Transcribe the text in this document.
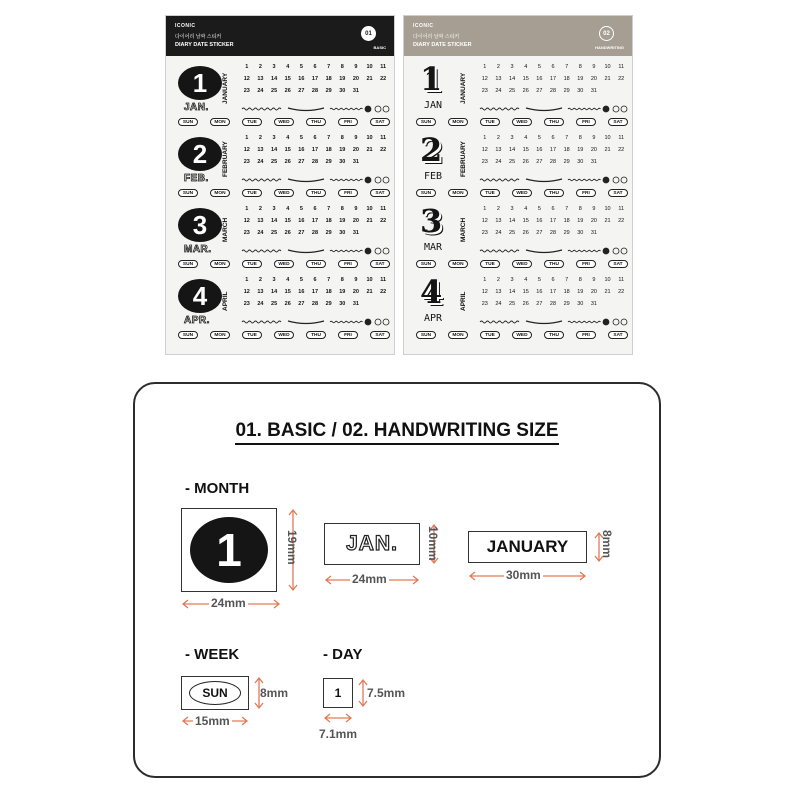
ICONIC
다이어리 날짜 스티커
DIARY DATE STICKER
01
BASIC
1
JAN.
JANUARY
1	2	3	4	5	6	7	8	9	10	11
12	13	14	15	16	17	18	19	20	21	22
23	24	25	26	27	28	29	30	31
SUN	MON	TUE	WED	THU	FRI	SAT
2
FEB.
FEBRUARY
1	2	3	4	5	6	7	8	9	10	11
12	13	14	15	16	17	18	19	20	21	22
23	24	25	26	27	28	29	30	31
SUN	MON	TUE	WED	THU	FRI	SAT
3
MAR.
MARCH
1	2	3	4	5	6	7	8	9	10	11
12	13	14	15	16	17	18	19	20	21	22
23	24	25	26	27	28	29	30	31
SUN	MON	TUE	WED	THU	FRI	SAT
4
APR.
APRIL
1	2	3	4	5	6	7	8	9	10	11
12	13	14	15	16	17	18	19	20	21	22
23	24	25	26	27	28	29	30	31
SUN	MON	TUE	WED	THU	FRI	SAT
ICONIC
다이어리 날짜 스티커
DIARY DATE STICKER
02
HANDWRITING
1
JAN
JANUARY
1	2	3	4	5	6	7	8	9	10	11
12	13	14	15	16	17	18	19	20	21	22
23	24	25	26	27	28	29	30	31
SUN	MON	TUE	WED	THU	FRI	SAT
2
FEB	FEBRUARY
1	2	3	4	5	6	7	8	9	10	11
12	13	14	15	16	17	18	19	20	21	22
23	24	25	26	27	28	29	30	31
SUN	MON	TUE	WED	THU	FRI	SAT
3
MAR
MARCH
1	2	3	4	5	6	7	8	9	10	11
12	13	14	15	16	17	18	19	20	21	22
23	24	25	26	27	28	29	30	31
SUN	MON	TUE	WED	THU	FRI	SAT
4
APR
APRIL
1	2	3	4	5	6	7	8	9	10	11
12	13	14	15	16	17	18	19	20	21	22
23	24	25	26	27	28	29	30	31
SUN	MON	TUE	WED	THU	FRI	SAT
01. BASIC / 02. HANDWRITING SIZE
- MONTH
1	19mm
24mm
JAN. 10mm
24mm
JANUARY	8mm
30mm
- WEEK
SUN	8mm
15mm
- DAY
1	7.5mm
7.1mm
